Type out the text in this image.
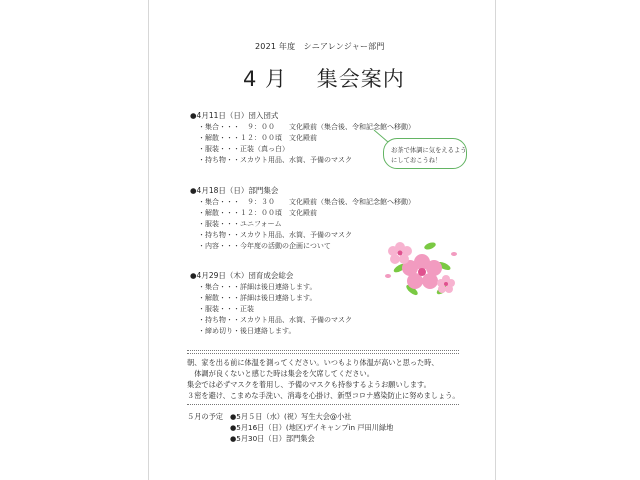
2021 年度　シニアレンジャー部門
4 月　 集会案内
●4月11日（日）団入団式
・集合・・・　９：００　　文化殿前（集合後、令和記念館へ移動）
・解散・・・１２：００頃　文化殿前
・服装・・・正装（真っ白）
・持ち物・・スカウト用品、水筒、予備のマスク
お茶で体調に気をえるよう
にしておこうね！
●4月18日（日）部門集会
・集合・・・　９：３０　　文化殿前（集合後、令和記念館へ移動）
・解散・・・１２：００頃　文化殿前
・服装・・・ユニフォーム
・持ち物・・スカウト用品、水筒、予備のマスク
・内容・・・今年度の活動の企画について
●4月29日（木）団育成会総会
・集合・・・詳細は後日連絡します。
・解散・・・詳細は後日連絡します。
・服装・・・正装
・持ち物・・スカウト用品、水筒、予備のマスク
・締め切り・後日連絡します。
朝、家を出る前に体温を測ってください。いつもより体温が高いと思った時、
　体調が良くないと感じた時は集会を欠席してください。
集会では必ずマスクを着用し、予備のマスクも持参するようお願いします。
３密を避け、こまめな手洗い、消毒を心掛け、新型コロナ感染防止に努めましょう。
５月の予定 ●5月５日（水）(祝）写生大会@小社
●5月16日（日）(地区)デイキャンプin 戸田川緑地
●5月30日（日）部門集会
